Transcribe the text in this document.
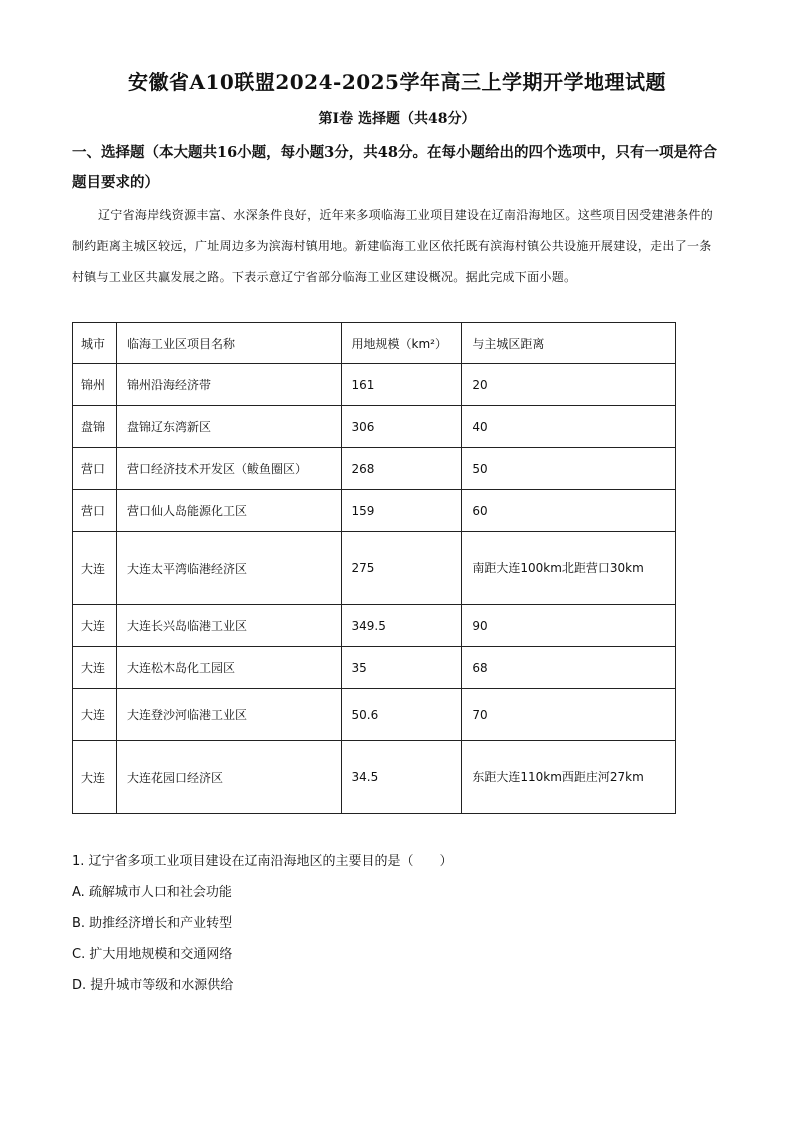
安徽省A10联盟2024-2025学年高三上学期开学地理试题
第Ⅰ卷 选择题（共48分）
一、选择题（本大题共16小题，每小题3分，共48分。在每小题给出的四个选项中，只有一项是符合题目要求的）
辽宁省海岸线资源丰富、水深条件良好，近年来多项临海工业项目建设在辽南沿海地区。这些项目因受建港条件的制约距离主城区较远，广址周边多为滨海村镇用地。新建临海工业区依托既有滨海村镇公共设施开展建设，走出了一条村镇与工业区共赢发展之路。下表示意辽宁省部分临海工业区建设概况。据此完成下面小题。
城市	临海工业区项目名称	用地规模（km²）	与主城区距离
锦州	锦州沿海经济带	161	20
盘锦	盘锦辽东湾新区	306	40
营口	营口经济技术开发区（鲅鱼圈区）	268	50
营口	营口仙人岛能源化工区	159	60
大连	大连太平湾临港经济区	275	南距大连100km北距营口30km
大连	大连长兴岛临港工业区	349.5	90
大连	大连松木岛化工园区	35	68
大连	大连登沙河临港工业区	50.6	70
大连	大连花园口经济区	34.5	东距大连110km西距庄河27km
1. 辽宁省多项工业项目建设在辽南沿海地区的主要目的是（　　）
A. 疏解城市人口和社会功能
B. 助推经济增长和产业转型
C. 扩大用地规模和交通网络
D. 提升城市等级和水源供给
